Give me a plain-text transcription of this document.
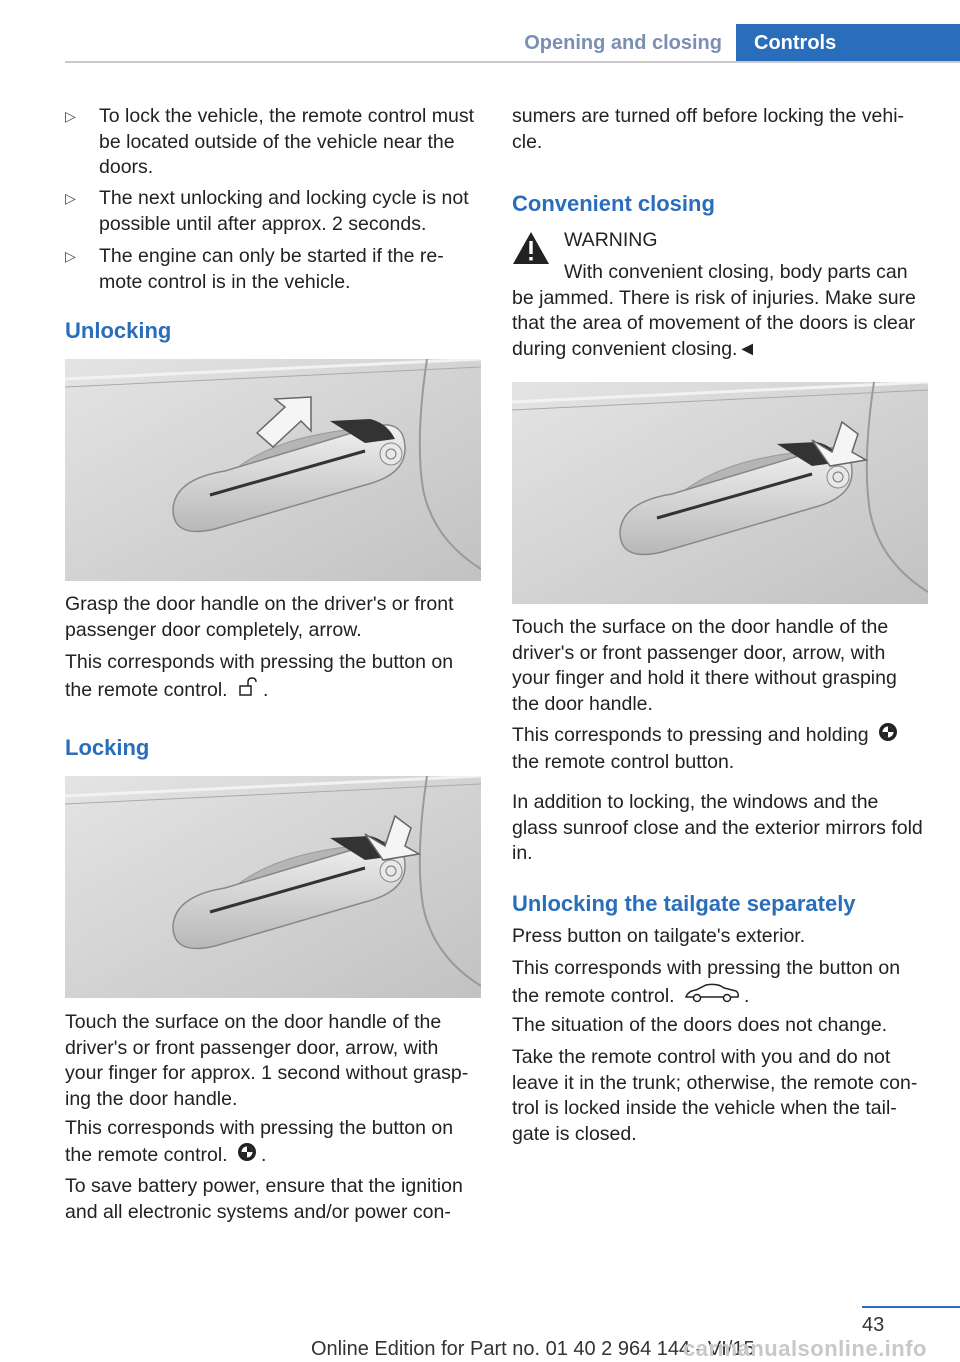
Opening and closing	Controls
▷ To lock the vehicle, the remote control must be located outside of the vehicle near the doors.
▷ The next unlocking and locking cycle is not possible until after approx. 2 seconds.
▷ The engine can only be started if the re-mote control is in the vehicle.
Unlocking
Grasp the door handle on the driver's or front passenger door completely, arrow.
This corresponds with pressing the button on the remote control. .
Locking
Touch the surface on the door handle of the driver's or front passenger door, arrow, with your finger for approx. 1 second without grasp-ing the door handle.
This corresponds with pressing the button on the remote control. .
To save battery power, ensure that the ignition and all electronic systems and/or power con-
sumers are turned off before locking the vehi-cle.
Convenient closing
WARNING
With convenient closing, body parts can be jammed. There is risk of injuries. Make sure that the area of movement of the doors is clear during convenient closing.◄
Touch the surface on the door handle of the driver's or front passenger door, arrow, with your finger and hold it there without grasping the door handle.
This corresponds to pressing and holding
the remote control button.
In addition to locking, the windows and the glass sunroof close and the exterior mirrors fold in.
Unlocking the tailgate separately
Press button on tailgate's exterior.
This corresponds with pressing the button on the remote control.	.
The situation of the doors does not change.
Take the remote control with you and do not leave it in the trunk; otherwise, the remote con-trol is locked inside the vehicle when the tail-gate is closed.
43
Online Edition for Part no. 01 40 2 964 144 - VI/15
carmanualsonline.info
